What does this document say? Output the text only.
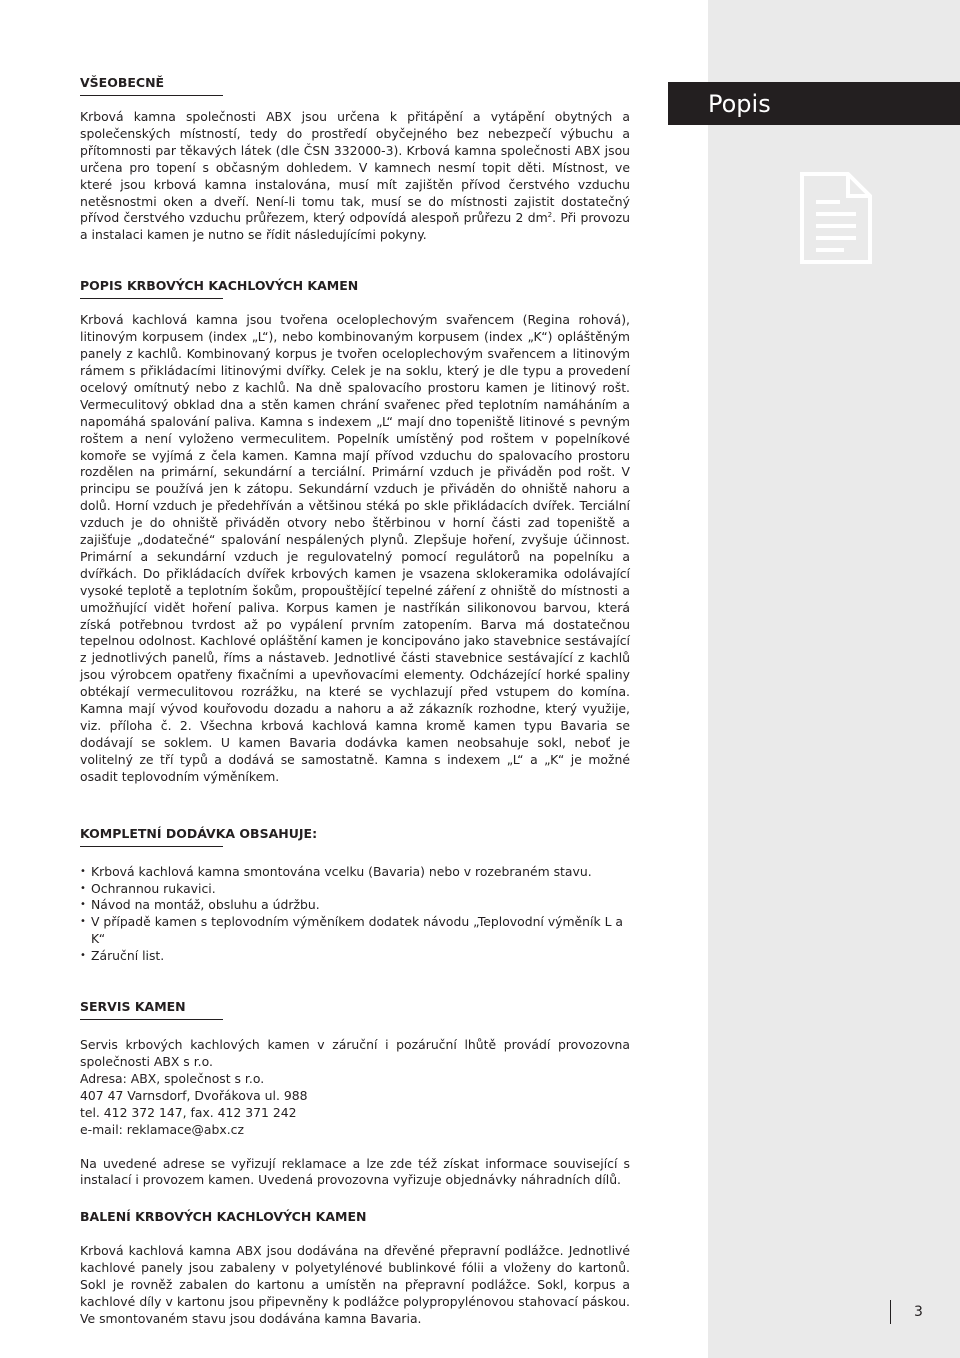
Popis
VŠEOBECNĚ

Krbová kamna společnosti ABX jsou určena k přitápění a vytápění obytných a společenských místností, tedy do prostředí obyčejného bez nebezpečí výbuchu a přítomnosti par těkavých látek (dle ČSN 332000-3). Krbová kamna společnosti ABX jsou určena pro topení s občasným dohledem. V kamnech nesmí topit děti. Místnost, ve které jsou krbová kamna instalována, musí mít zajištěn přívod čerstvého vzduchu netěsnostmi oken a dveří. Není-li tomu tak, musí se do místnosti zajistit dostatečný přívod čerstvého vzduchu průřezem, který odpovídá alespoň průřezu 2 $dm^2$. Při provozu a instalaci kamen je nutno se řídit následujícími pokyny.

POPIS KRBOVÝCH KACHLOVÝCH KAMEN

Krbová kachlová kamna jsou tvořena oceloplechovým svařencem (Regina rohová), litinovým korpusem (index „L“), nebo kombinovaným korpusem (index „K“) opláštěným panely z kachlů. Kombinovaný korpus je tvořen oceloplechovým svařencem a litinovým rámem s přikládacími litinovými dvířky. Celek je na soklu, který je dle typu a provedení ocelový omítnutý nebo z kachlů. Na dně spalovacího prostoru kamen je litinový rošt. Vermeculitový obklad dna a stěn kamen chrání svařenec před teplotním namáháním a napomáhá spalování paliva. Kamna s indexem „L“ mají dno topeniště litinové s pevným roštem a není vyloženo vermeculitem. Popelník umístěný pod roštem v popelníkové komoře se vyjímá z čela kamen. Kamna mají přívod vzduchu do spalovacího prostoru rozdělen na primární, sekundární a terciální. Primární vzduch je přiváděn pod rošt. V principu se používá jen k zátopu. Sekundární vzduch je přiváděn do ohniště nahoru a dolů. Horní vzduch je předehříván a většinou stéká po skle přikládacích dvířek. Terciální vzduch je do ohniště přiváděn otvory nebo štěrbinou v horní části zad topeniště a zajišťuje „dodatečné“ spalování nespálených plynů. Zlepšuje hoření, zvyšuje účinnost. Primární a sekundární vzduch je regulovatelný pomocí regulátorů na popelníku a dvířkách. Do přikládacích dvířek krbových kamen je vsazena sklokeramika odolávající vysoké teplotě a teplotním šokům, propouštějící tepelné záření z ohniště do místnosti a umožňující vidět hoření paliva. Korpus kamen je nastříkán silikonovou barvou, která získá potřebnou tvrdost až po vypálení prvním zatopením. Barva má dostatečnou tepelnou odolnost. Kachlové opláštění kamen je koncipováno jako stavebnice sestávající z jednotlivých panelů, říms a nástaveb. Jednotlivé části stavebnice sestávající z kachlů jsou výrobcem opatřeny fixačními a upevňovacími elementy. Odcházející horké spaliny obtékají vermeculitovou rozrážku, na které se vychlazují před vstupem do komína. Kamna mají vývod kouřovodu dozadu a nahoru a až zákazník rozhodne, který využije, viz. příloha č. 2. Všechna krbová kachlová kamna kromě kamen typu Bavaria se dodávají se soklem. U kamen Bavaria dodávka kamen neobsahuje sokl, neboť je volitelný ze tří typů a dodává se samostatně. Kamna s indexem „L“ a „K“ je možné osadit teplovodním výměníkem.

KOMPLETNÍ DODÁVKA OBSAHUJE:
• Krbová kachlová kamna smontována vcelku (Bavaria) nebo v rozebraném stavu.
• Ochrannou rukavici.
• Návod na montáž, obsluhu a údržbu.
• V případě kamen s teplovodním výměníkem dodatek návodu „Teplovodní výměník L a K“
• Záruční list.
SERVIS KAMEN

Servis krbových kachlových kamen v záruční i pozáruční lhůtě provádí provozovna společnosti ABX s r.o.

Adresa: ABX, společnost s r.o.

407 47 Varnsdorf, Dvořákova ul. 988

tel. 412 372 147, fax. 412 371 242

e-mail: reklamace@abx.cz

Na uvedené adrese se vyřizují reklamace a lze zde též získat informace související s instalací i provozem kamen. Uvedená provozovna vyřizuje objednávky náhradních dílů.

BALENÍ KRBOVÝCH KACHLOVÝCH KAMEN

Krbová kachlová kamna ABX jsou dodávána na dřevěné přepravní podlážce. Jednotlivé kachlové panely jsou zabaleny v polyetylénové bublinkové fólii a vloženy do kartonů. Sokl je rovněž zabalen do kartonu a umístěn na přepravní podlážce. Sokl, korpus a kachlové díly v kartonu jsou připevněny k podlážce polypropylénovou stahovací páskou. Ve smontovaném stavu jsou dodávána kamna Bavaria.	3
